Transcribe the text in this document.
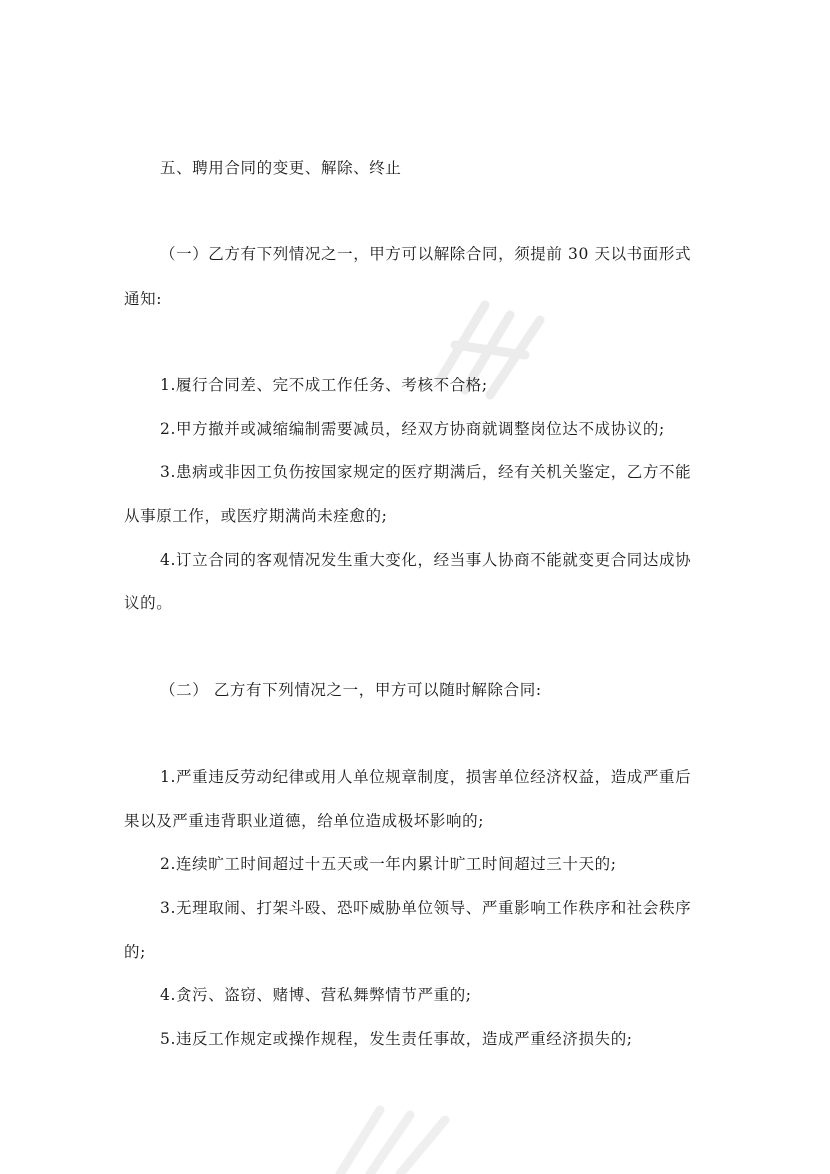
五、聘用合同的变更、解除、终止
（一）乙方有下列情况之一，甲方可以解除合同，须提前 30 天以书面形式
通知:
1.履行合同差、完不成工作任务、考核不合格;
2.甲方撤并或减缩编制需要减员，经双方协商就调整岗位达不成协议的;
3.患病或非因工负伤按国家规定的医疗期满后，经有关机关鉴定，乙方不能
从事原工作，或医疗期满尚未痊愈的;
4.订立合同的客观情况发生重大变化，经当事人协商不能就变更合同达成协
议的。
（二） 乙方有下列情况之一，甲方可以随时解除合同:
1.严重违反劳动纪律或用人单位规章制度，损害单位经济权益，造成严重后
果以及严重违背职业道德，给单位造成极坏影响的;
2.连续旷工时间超过十五天或一年内累计旷工时间超过三十天的;
3.无理取闹、打架斗殴、恐吓威胁单位领导、严重影响工作秩序和社会秩序
的;
4.贪污、盗窃、赌博、营私舞弊情节严重的;
5.违反工作规定或操作规程，发生责任事故，造成严重经济损失的;
